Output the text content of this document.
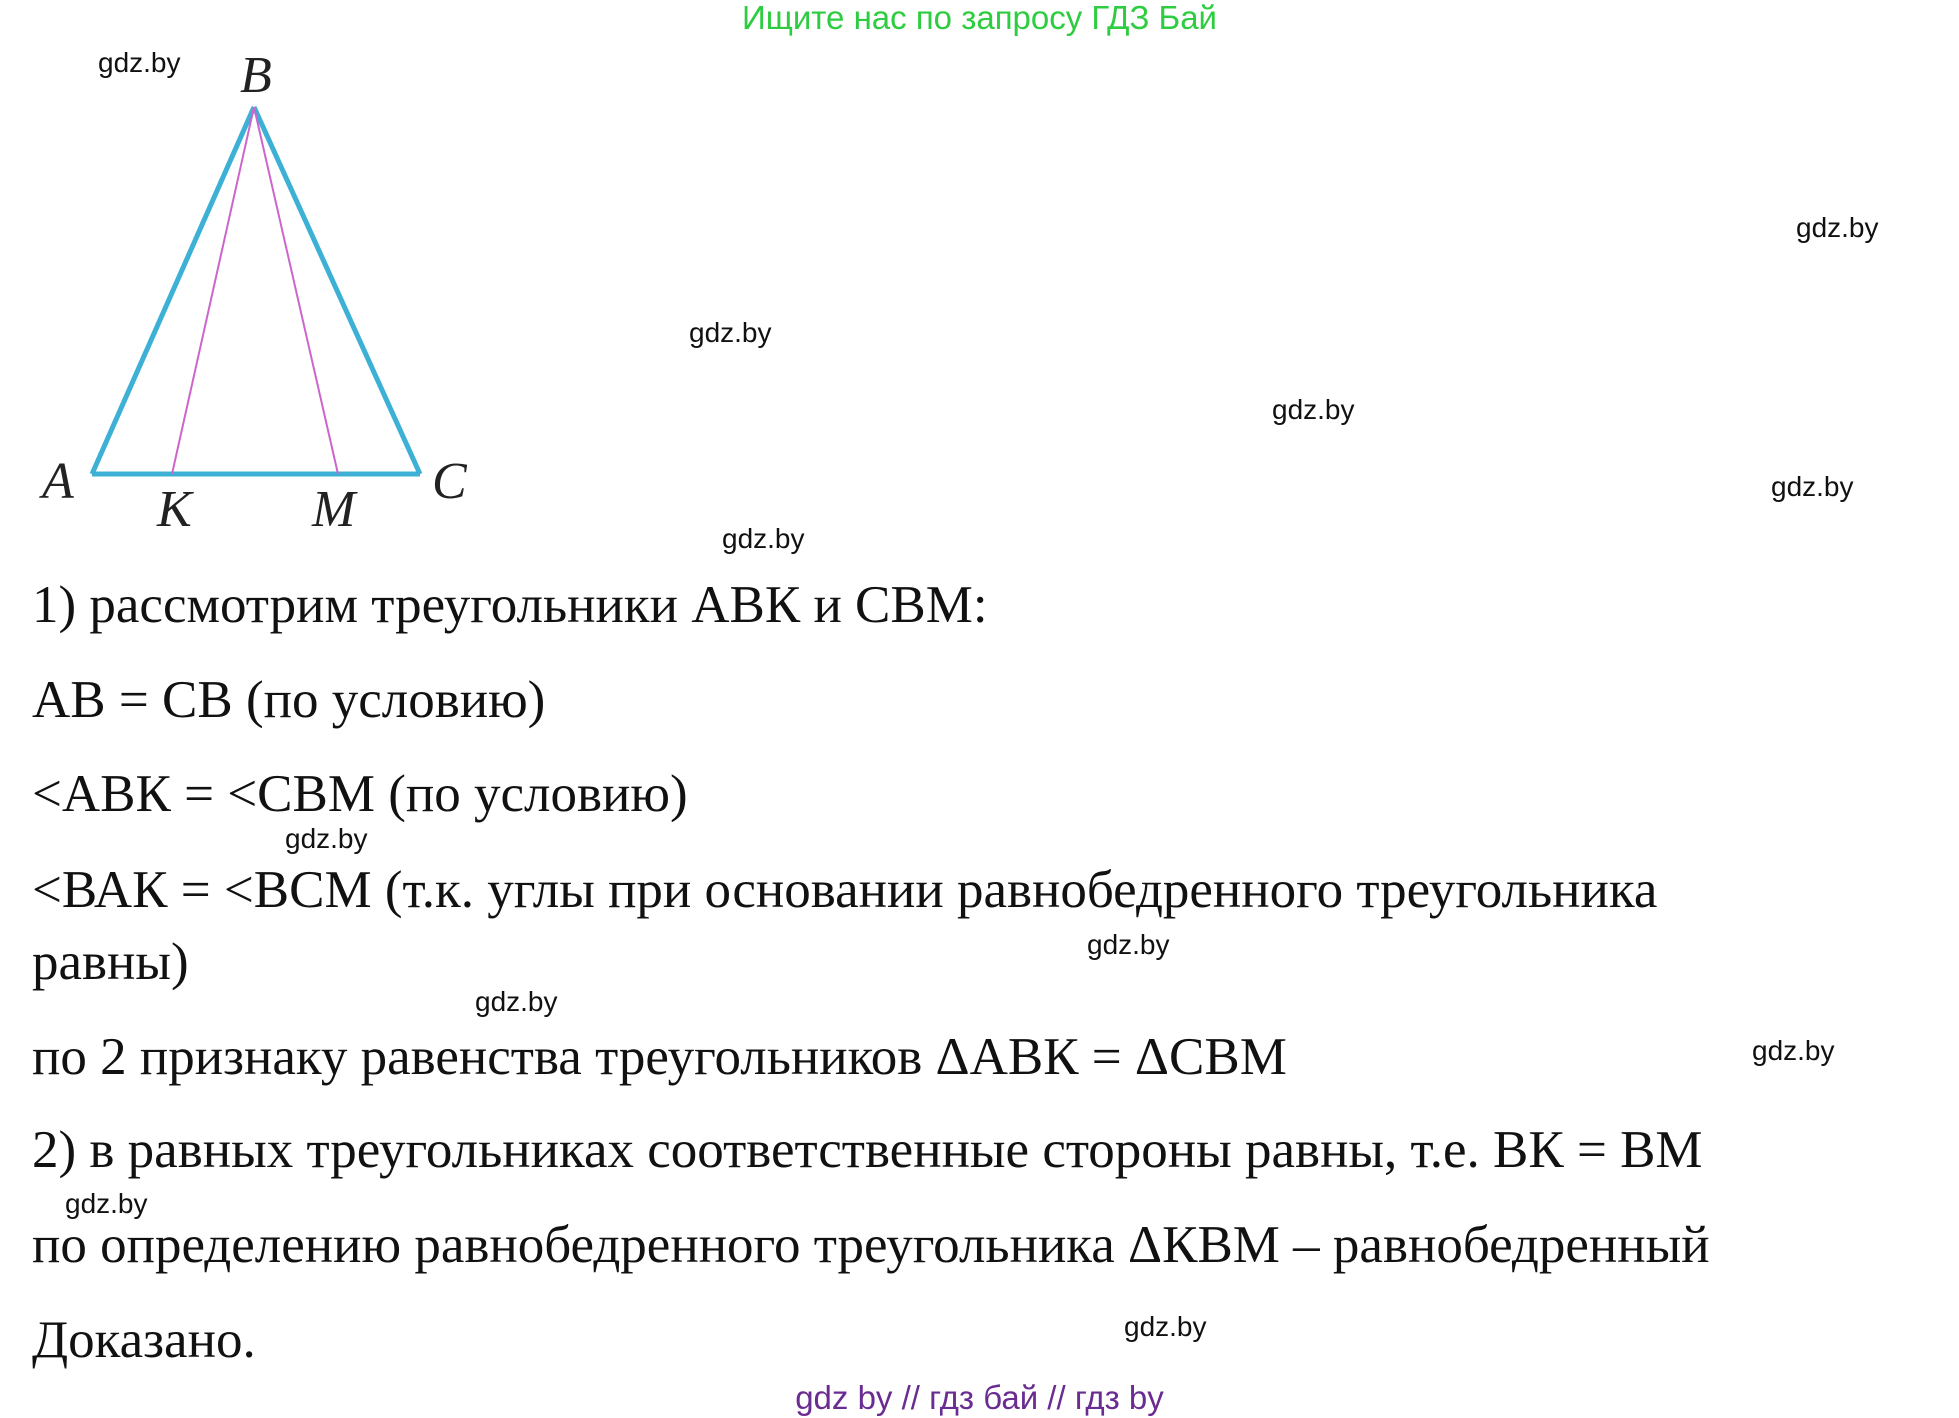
Ищите нас по запросу ГДЗ Бай
B
A	C
K M
gdz.by
gdz.by
gdz.by
gdz.by
gdz.by
gdz.by
gdz.by
gdz.by
gdz.by
gdz.by
gdz.by
gdz.by
1) рассмотрим треугольники АВК и СВМ:
АВ = СВ (по условию)
<АВК = <СВМ (по условию)
<ВАК = <ВСМ (т.к. углы при основании равнобедренного треугольника
равны)
по 2 признаку равенства треугольников ΔАВК = ΔСВМ
2) в равных треугольниках соответственные стороны равны, т.е. ВК = ВМ
по определению равнобедренного треугольника ΔКВМ – равнобедренный
Доказано.
gdz by // гдз бай // гдз by
